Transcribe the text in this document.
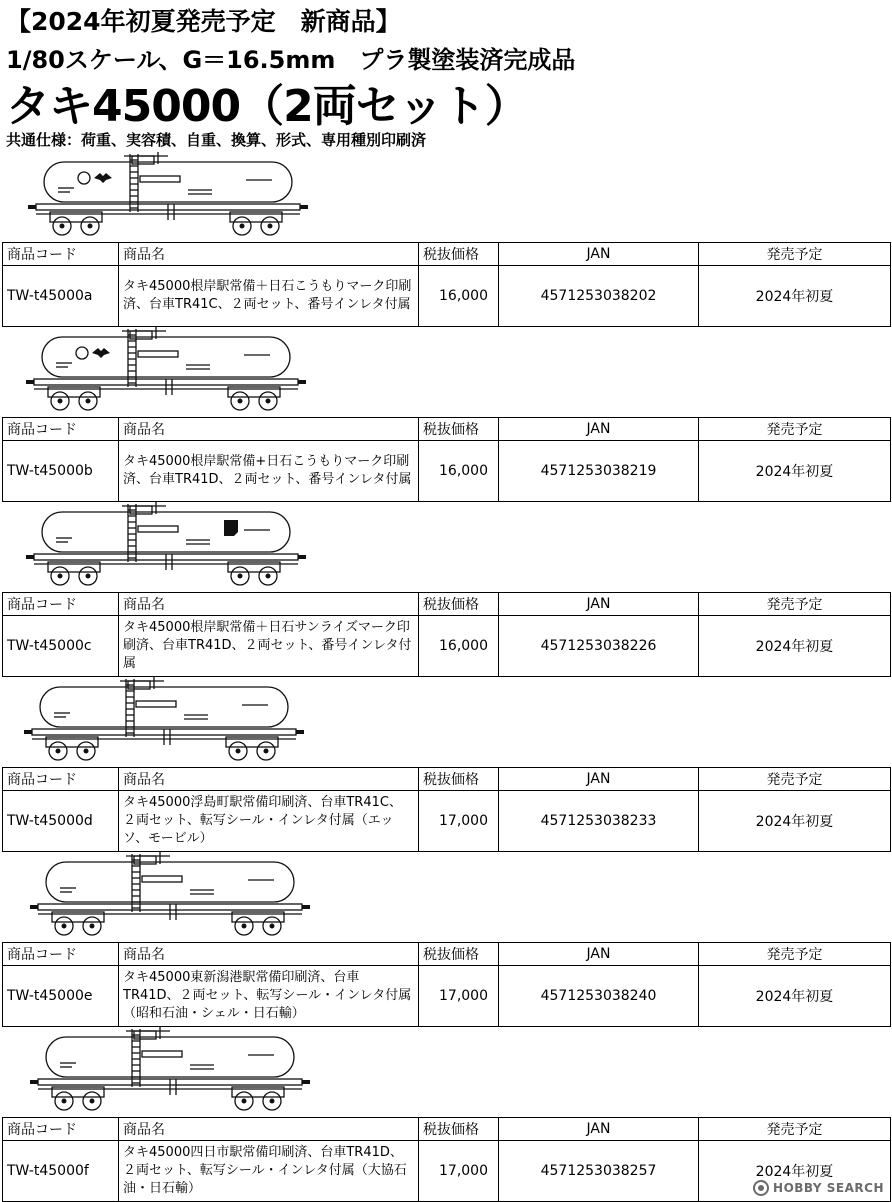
【2024年初夏発売予定　新商品】
1/80スケール、G＝16.5mm　プラ製塗装済完成品
タキ45000（2両セット）
共通仕様：荷重、実容積、自重、換算、形式、専用種別印刷済
商品コード	商品名	税抜価格	JAN	発売予定
TW-t45000a	タキ45000根岸駅常備＋日石こうもりマーク印刷済、台車TR41C、２両セット、番号インレタ付属	16,000	4571253038202	2024年初夏
商品コード	商品名	税抜価格	JAN	発売予定
TW-t45000b	タキ45000根岸駅常備+日石こうもりマーク印刷済、台車TR41D、２両セット、番号インレタ付属	16,000	4571253038219	2024年初夏
商品コード	商品名	税抜価格	JAN	発売予定
TW-t45000c	タキ45000根岸駅常備＋日石サンライズマーク印刷済、台車TR41D、２両セット、番号インレタ付属	16,000	4571253038226	2024年初夏
商品コード	商品名	税抜価格	JAN	発売予定
TW-t45000d	タキ45000浮島町駅常備印刷済、台車TR41C、２両セット、転写シール・インレタ付属（エッソ、モービル）	17,000	4571253038233	2024年初夏
商品コード	商品名	税抜価格	JAN	発売予定
TW-t45000e	タキ45000東新潟港駅常備印刷済、台車TR41D、２両セット、転写シール・インレタ付属（昭和石油・シェル・日石輸）	17,000	4571253038240	2024年初夏
商品コード	商品名	税抜価格	JAN	発売予定
TW-t45000f	タキ45000四日市駅常備印刷済、台車TR41D、２両セット、転写シール・インレタ付属（大協石油・日石輸）	17,000	4571253038257	2024年初夏
HOBBY SEARCH
